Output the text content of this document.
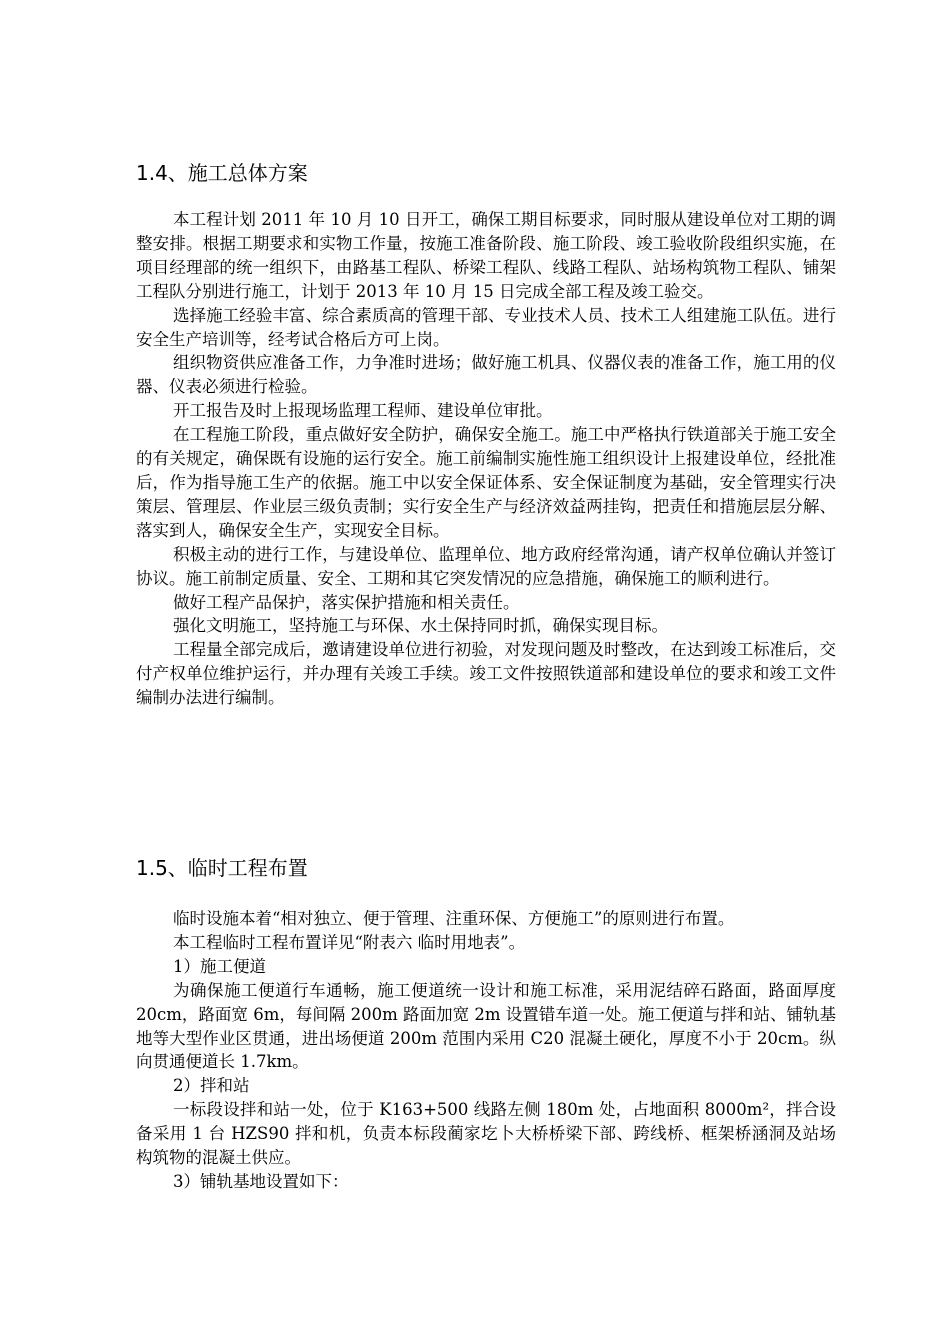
1.4、施工总体方案

本工程计划 2011 年 10 月 10 日开工，确保工期目标要求，同时服从建设单位对工期的调整安排。根据工期要求和实物工作量，按施工准备阶段、施工阶段、竣工验收阶段组织实施，在项目经理部的统一组织下，由路基工程队、桥梁工程队、线路工程队、站场构筑物工程队、铺架工程队分别进行施工，计划于 2013 年 10 月 15 日完成全部工程及竣工验交。

选择施工经验丰富、综合素质高的管理干部、专业技术人员、技术工人组建施工队伍。进行安全生产培训等，经考试合格后方可上岗。

组织物资供应准备工作，力争准时进场；做好施工机具、仪器仪表的准备工作，施工用的仪器、仪表必须进行检验。

开工报告及时上报现场监理工程师、建设单位审批。

在工程施工阶段，重点做好安全防护，确保安全施工。施工中严格执行铁道部关于施工安全的有关规定，确保既有设施的运行安全。施工前编制实施性施工组织设计上报建设单位，经批准后，作为指导施工生产的依据。施工中以安全保证体系、安全保证制度为基础，安全管理实行决策层、管理层、作业层三级负责制；实行安全生产与经济效益两挂钩，把责任和措施层层分解、落实到人，确保安全生产，实现安全目标。

积极主动的进行工作，与建设单位、监理单位、地方政府经常沟通，请产权单位确认并签订协议。施工前制定质量、安全、工期和其它突发情况的应急措施，确保施工的顺利进行。

做好工程产品保护，落实保护措施和相关责任。

强化文明施工，坚持施工与环保、水土保持同时抓，确保实现目标。

工程量全部完成后，邀请建设单位进行初验，对发现问题及时整改，在达到竣工标准后，交付产权单位维护运行，并办理有关竣工手续。竣工文件按照铁道部和建设单位的要求和竣工文件编制办法进行编制。

1.5、临时工程布置

临时设施本着“相对独立、便于管理、注重环保、方便施工”的原则进行布置。

本工程临时工程布置详见“附表六 临时用地表”。

1）施工便道

为确保施工便道行车通畅，施工便道统一设计和施工标准，采用泥结碎石路面，路面厚度 20cm，路面宽 6m，每间隔 200m 路面加宽 2m 设置错车道一处。施工便道与拌和站、铺轨基地等大型作业区贯通，进出场便道 200m 范围内采用 C20 混凝土硬化，厚度不小于 20cm。纵向贯通便道长 1.7km。

2）拌和站

一标段设拌和站一处，位于 K163+500 线路左侧 180m 处，占地面积 8000m²，拌合设备采用 1 台 HZS90 拌和机，负责本标段蔺家圪卜大桥桥梁下部、跨线桥、框架桥涵洞及站场构筑物的混凝土供应。

3）铺轨基地设置如下：
